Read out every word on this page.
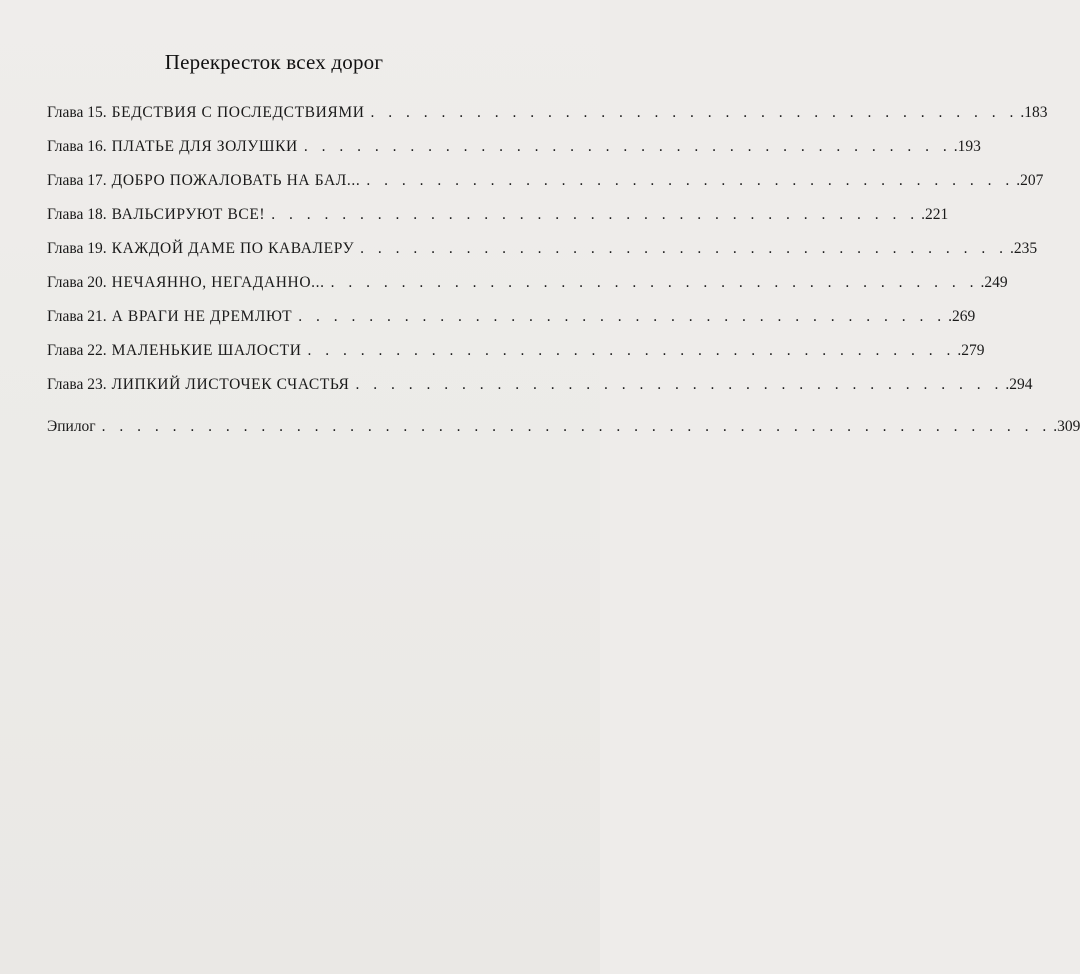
Перекресток всех дорог
Глава 15. БЕДСТВИЯ С ПОСЛЕДСТВИЯМИ . . . . . . . . . . . . . . . . . . . . . . . . . . . . . . . . . . . . . .183
Глава 16. ПЛАТЬЕ ДЛЯ ЗОЛУШКИ . . . . . . . . . . . . . . . . . . . . . . . . . . . . . . . . . . . . . .193
Глава 17. ДОБРО ПОЖАЛОВАТЬ НА БАЛ... . . . . . . . . . . . . . . . . . . . . . . . . . . . . . . . . . . . . . .207
Глава 18. ВАЛЬСИРУЮТ ВСЕ! . . . . . . . . . . . . . . . . . . . . . . . . . . . . . . . . . . . . . .221
Глава 19. КАЖДОЙ ДАМЕ ПО КАВАЛЕРУ . . . . . . . . . . . . . . . . . . . . . . . . . . . . . . . . . . . . . .235
Глава 20. НЕЧАЯННО, НЕГАДАННО... . . . . . . . . . . . . . . . . . . . . . . . . . . . . . . . . . . . . . .249
Глава 21. А ВРАГИ НЕ ДРЕМЛЮТ . . . . . . . . . . . . . . . . . . . . . . . . . . . . . . . . . . . . . .269
Глава 22. МАЛЕНЬКИЕ ШАЛОСТИ . . . . . . . . . . . . . . . . . . . . . . . . . . . . . . . . . . . . . .279
Глава 23. ЛИПКИЙ ЛИСТОЧЕК СЧАСТЬЯ . . . . . . . . . . . . . . . . . . . . . . . . . . . . . . . . . . . . . .294
Эпилог . . . . . . . . . . . . . . . . . . . . . . . . . . . . . . . . . . . . . . . . . . . . . . . . . . . . . . .309
